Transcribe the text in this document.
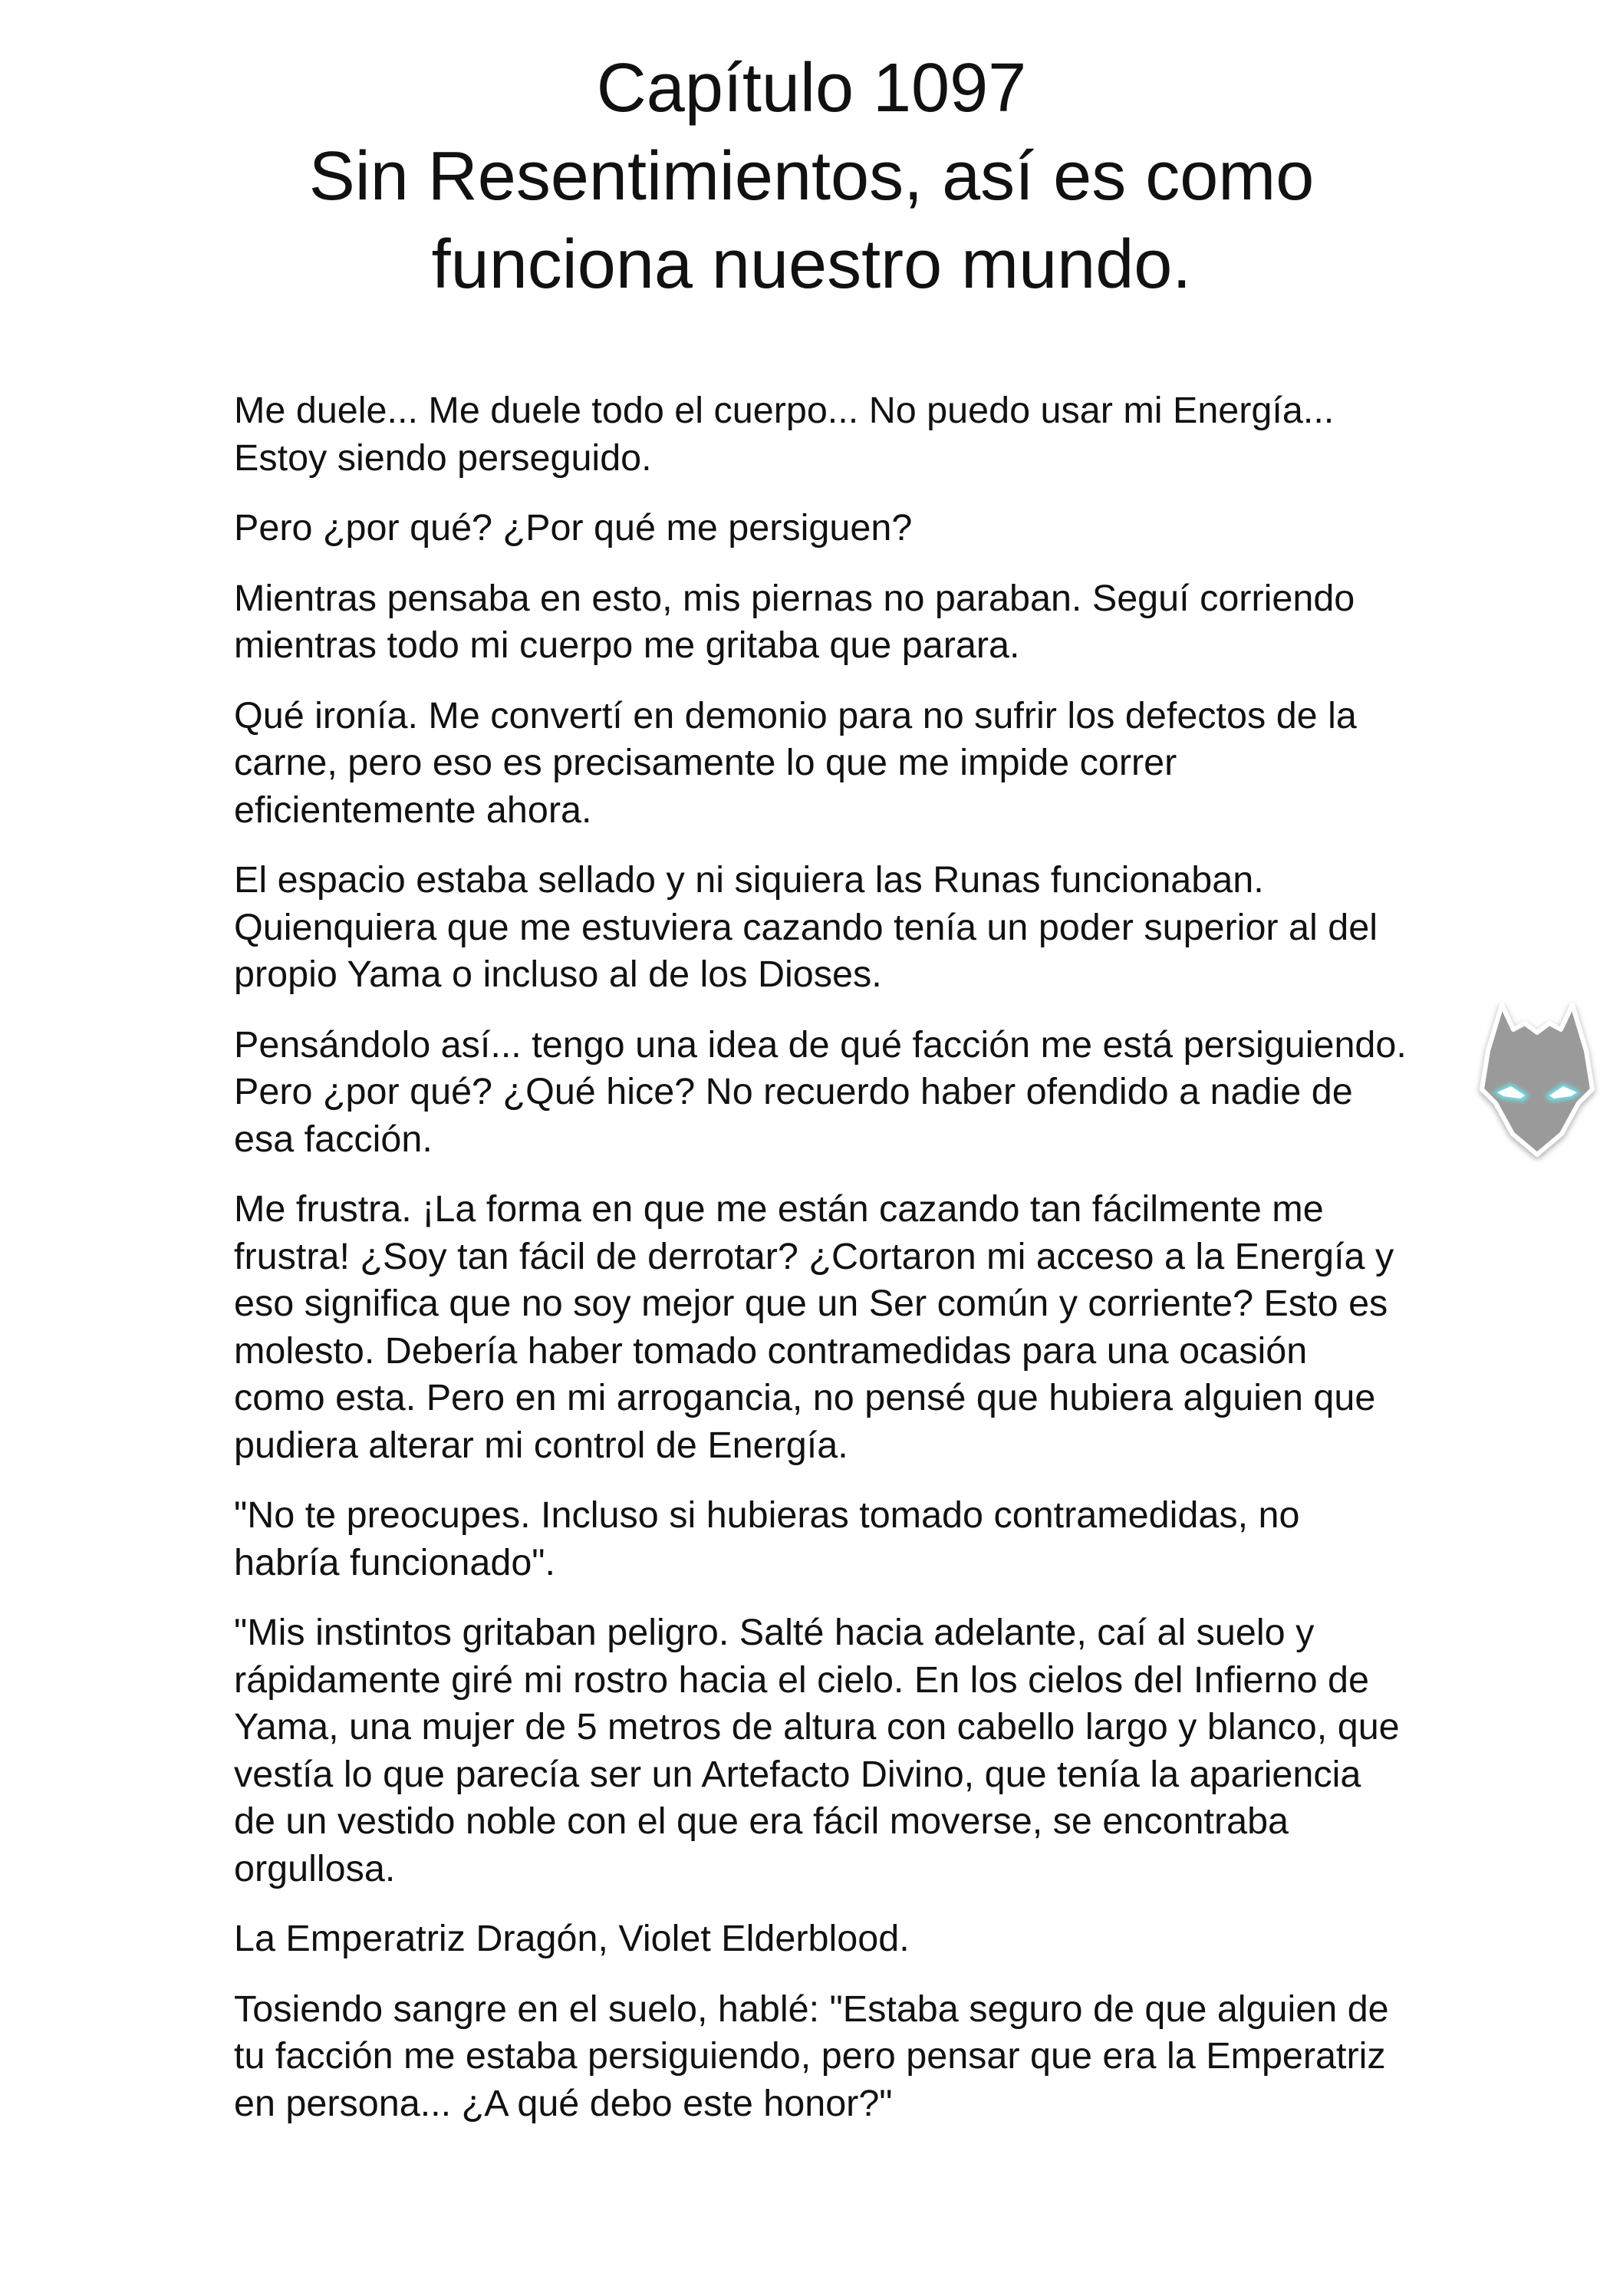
Capítulo 1097
Sin Resentimientos, así es como
funciona nuestro mundo.

Me duele... Me duele todo el cuerpo... No puedo usar mi Energía... Estoy siendo perseguido.

Pero ¿por qué? ¿Por qué me persiguen?

Mientras pensaba en esto, mis piernas no paraban. Seguí corriendo mientras todo mi cuerpo me gritaba que parara.

Qué ironía. Me convertí en demonio para no sufrir los defectos de la carne, pero eso es precisamente lo que me impide correr eficientemente ahora.

El espacio estaba sellado y ni siquiera las Runas funcionaban. Quienquiera que me estuviera cazando tenía un poder superior al del propio Yama o incluso al de los Dioses.

Pensándolo así... tengo una idea de qué facción me está persiguiendo. Pero ¿por qué? ¿Qué hice? No recuerdo haber ofendido a nadie de esa facción.

Me frustra. ¡La forma en que me están cazando tan fácilmente me frustra! ¿Soy tan fácil de derrotar? ¿Cortaron mi acceso a la Energía y eso significa que no soy mejor que un Ser común y corriente? Esto es molesto. Debería haber tomado contramedidas para una ocasión como esta. Pero en mi arrogancia, no pensé que hubiera alguien que pudiera alterar mi control de Energía.

"No te preocupes. Incluso si hubieras tomado contramedidas, no habría funcionado".

"Mis instintos gritaban peligro. Salté hacia adelante, caí al suelo y rápidamente giré mi rostro hacia el cielo. En los cielos del Infierno de Yama, una mujer de 5 metros de altura con cabello largo y blanco, que vestía lo que parecía ser un Artefacto Divino, que tenía la apariencia de un vestido noble con el que era fácil moverse, se encontraba orgullosa.

La Emperatriz Dragón, Violet Elderblood.

Tosiendo sangre en el suelo, hablé: "Estaba seguro de que alguien de tu facción me estaba persiguiendo, pero pensar que era la Emperatriz en persona... ¿A qué debo este honor?"
